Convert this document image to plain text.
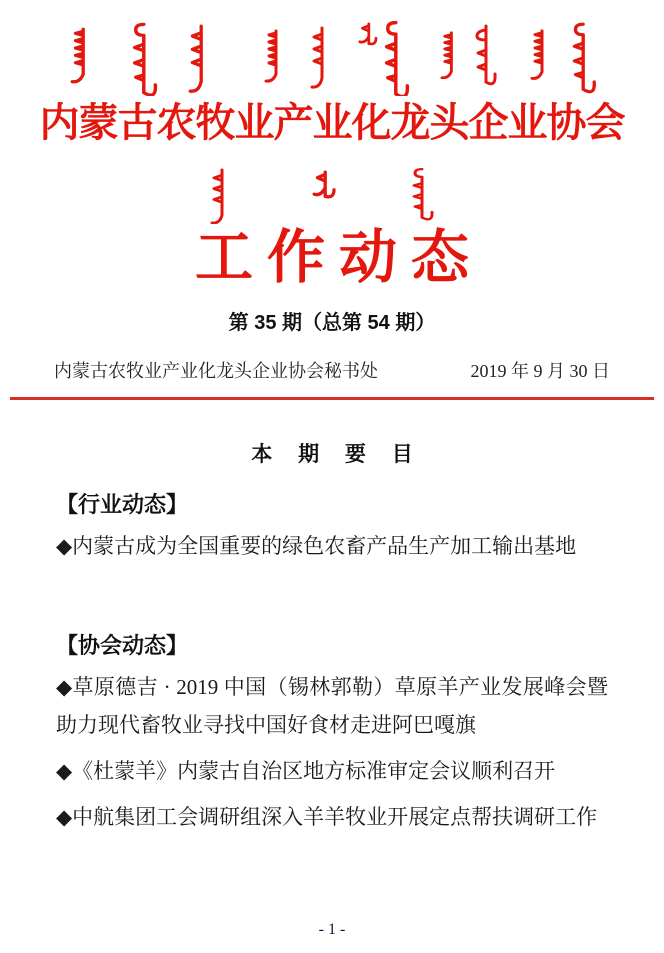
内蒙古农牧业产业化龙头企业协会
工作动态
第 35 期（总第 54 期）
内蒙古农牧业产业化龙头企业协会秘书处	2019 年 9 月 30 日
本 期 要 目
【行业动态】
◆内蒙古成为全国重要的绿色农畜产品生产加工输出基地
【协会动态】
◆草原德吉 · 2019 中国（锡林郭勒）草原羊产业发展峰会暨助力现代畜牧业寻找中国好食材走进阿巴嘎旗
◆《杜蒙羊》内蒙古自治区地方标准审定会议顺利召开
◆中航集团工会调研组深入羊羊牧业开展定点帮扶调研工作
- 1 -
